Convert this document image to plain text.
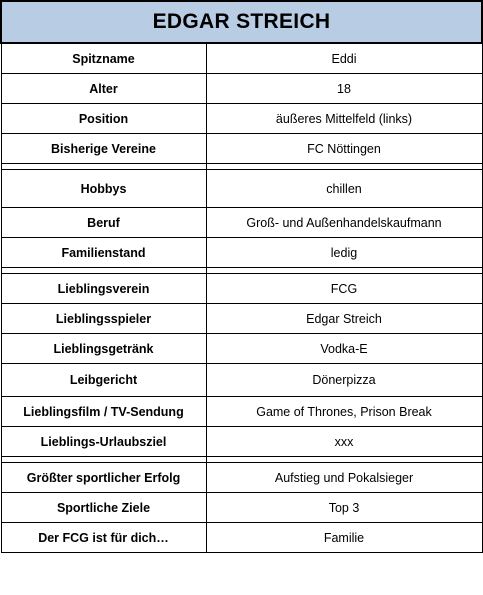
EDGAR STREICH	
Spitzname	Eddi
Alter	18
Position	äußeres Mittelfeld (links)
Bisherige Vereine	FC Nöttingen

Hobbys	chillen
Beruf	Groß- und Außenhandelskaufmann
Familienstand	ledig

Lieblingsverein	FCG
Lieblingsspieler	Edgar Streich
Lieblingsgetränk	Vodka-E
Leibgericht	Dönerpizza
Lieblingsfilm / TV-Sendung	Game of Thrones, Prison Break
Lieblings-Urlaubsziel	xxx

Größter sportlicher Erfolg	Aufstieg und Pokalsieger
Sportliche Ziele	Top 3
Der FCG ist für dich…	Familie
